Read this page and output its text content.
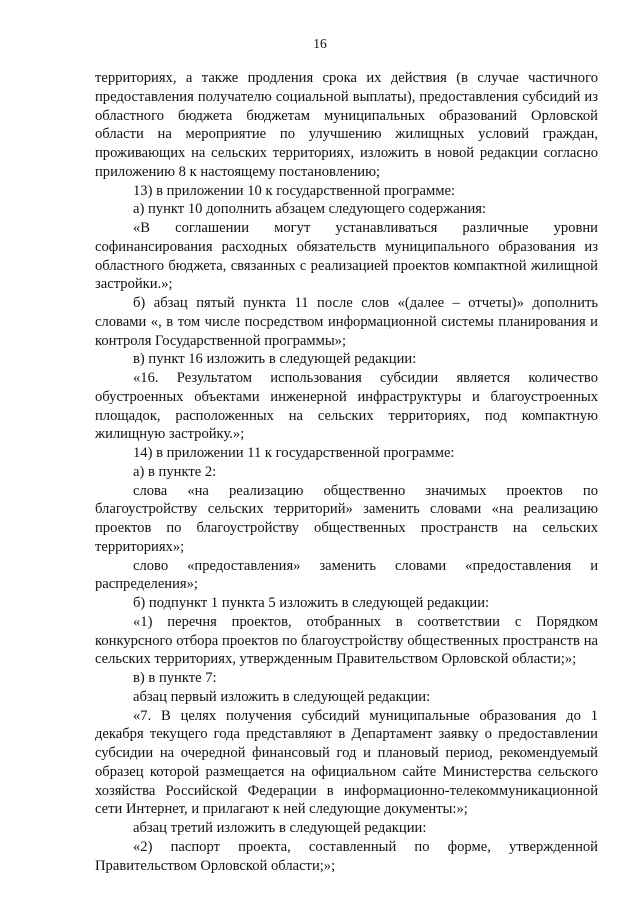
16

территориях, а также продления срока их действия (в случае частичного предоставления получателю социальной выплаты), предоставления субсидий из областного бюджета бюджетам муниципальных образований Орловской области на мероприятие по улучшению жилищных условий граждан, проживающих на сельских территориях, изложить в новой редакции согласно приложению 8 к настоящему постановлению;

13) в приложении 10 к государственной программе:

а) пункт 10 дополнить абзацем следующего содержания:

«В соглашении могут устанавливаться различные уровни софинансирования расходных обязательств муниципального образования из областного бюджета, связанных с реализацией проектов компактной жилищной застройки.»;

б) абзац пятый пункта 11 после слов «(далее – отчеты)» дополнить словами «, в том числе посредством информационной системы планирования и контроля Государственной программы»;

в) пункт 16 изложить в следующей редакции:

«16. Результатом использования субсидии является количество обустроенных объектами инженерной инфраструктуры и благоустроенных площадок, расположенных на сельских территориях, под компактную жилищную застройку.»;

14) в приложении 11 к государственной программе:

а) в пункте 2:

слова «на реализацию общественно значимых проектов по благоустройству сельских территорий» заменить словами «на реализацию проектов по благоустройству общественных пространств на сельских территориях»;

слово «предоставления» заменить словами «предоставления и распределения»;

б) подпункт 1 пункта 5 изложить в следующей редакции:

«1) перечня проектов, отобранных в соответствии с Порядком конкурсного отбора проектов по благоустройству общественных пространств на сельских территориях, утвержденным Правительством Орловской области;»;

в) в пункте 7:

абзац первый изложить в следующей редакции:

«7. В целях получения субсидий муниципальные образования до 1 декабря текущего года представляют в Департамент заявку о предоставлении субсидии на очередной финансовый год и плановый период, рекомендуемый образец которой размещается на официальном сайте Министерства сельского хозяйства Российской Федерации в информационно-телекоммуникационной сети Интернет, и прилагают к ней следующие документы:»;

абзац третий изложить в следующей редакции:

«2) паспорт проекта, составленный по форме, утвержденной Правительством Орловской области;»;
